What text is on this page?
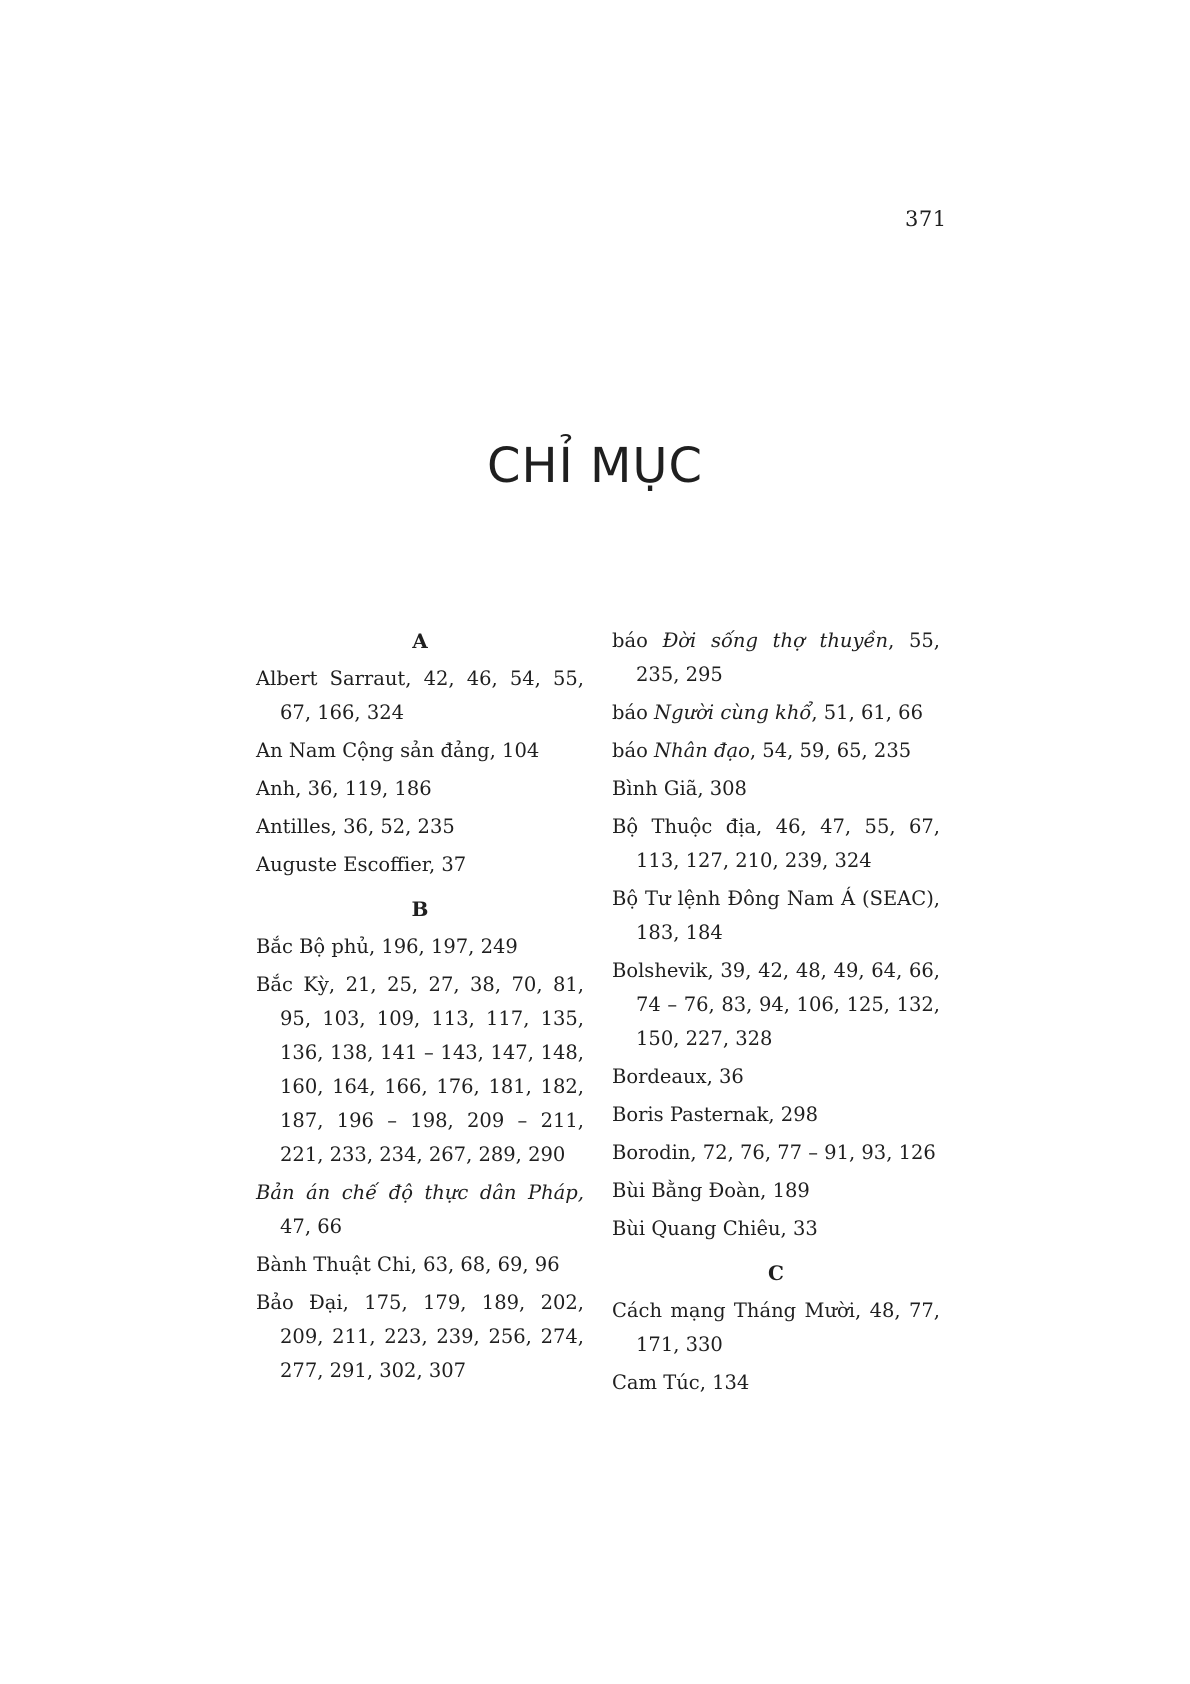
371
CHỈ MỤC
A
Albert Sarraut, 42, 46, 54, 55, 67, 166, 324
An Nam Cộng sản đảng, 104
Anh, 36, 119, 186
Antilles, 36, 52, 235
Auguste Escoffier, 37
B
Bắc Bộ phủ, 196, 197, 249
Bắc Kỳ, 21, 25, 27, 38, 70, 81, 95, 103, 109, 113, 117, 135, 136, 138, 141 – 143, 147, 148, 160, 164, 166, 176, 181, 182, 187, 196 – 198, 209 – 211, 221, 233, 234, 267, 289, 290
Bản án chế độ thực dân Pháp, 47, 66
Bành Thuật Chi, 63, 68, 69, 96
Bảo Đại, 175, 179, 189, 202, 209, 211, 223, 239, 256, 274, 277, 291, 302, 307
báo Đời sống thợ thuyền, 55, 235, 295
báo Người cùng khổ, 51, 61, 66
báo Nhân đạo, 54, 59, 65, 235
Bình Giã, 308
Bộ Thuộc địa, 46, 47, 55, 67, 113, 127, 210, 239, 324
Bộ Tư lệnh Đông Nam Á (SEAC), 183, 184
Bolshevik, 39, 42, 48, 49, 64, 66, 74 – 76, 83, 94, 106, 125, 132, 150, 227, 328
Bordeaux, 36
Boris Pasternak, 298
Borodin, 72, 76, 77 – 91, 93, 126
Bùi Bằng Đoàn, 189
Bùi Quang Chiêu, 33
C
Cách mạng Tháng Mười, 48, 77, 171, 330
Cam Túc, 134
